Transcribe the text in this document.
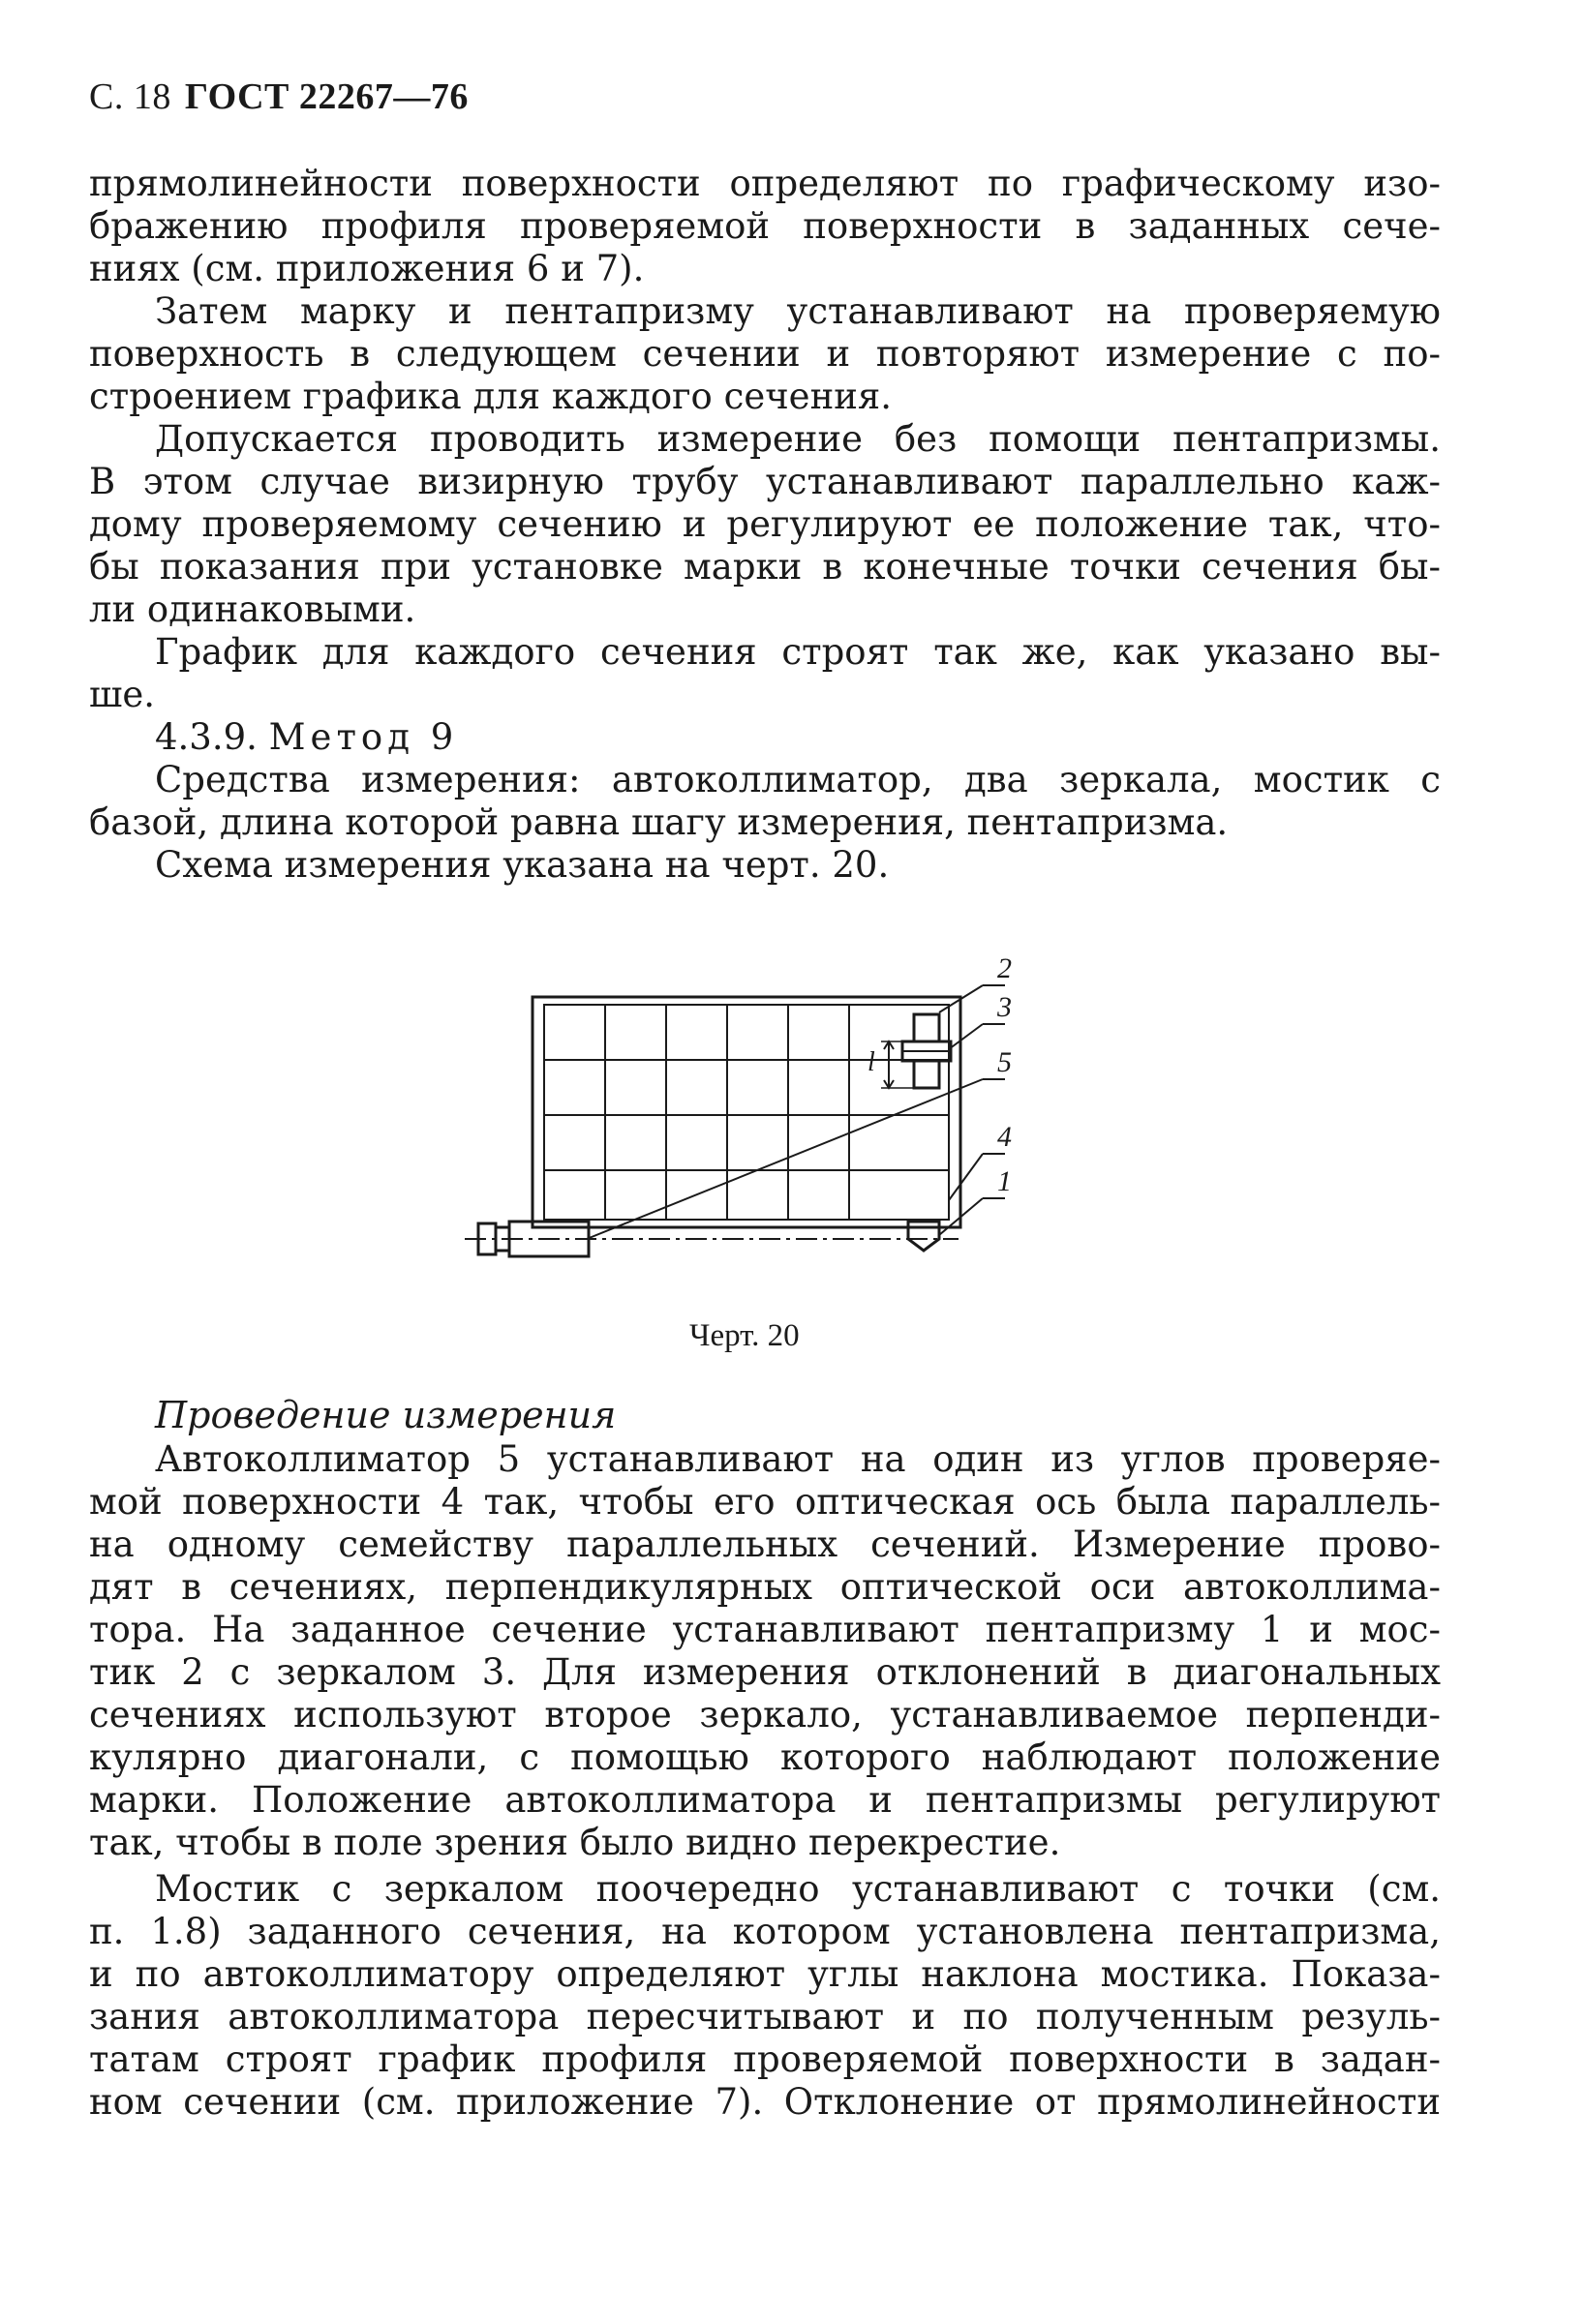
С. 18 ГОСТ 22267—76
прямолинейности поверхности определяют по графическому изо-
бражению профиля проверяемой поверхности в заданных сече-
ниях (см. приложения 6 и 7).
Затем марку и пентапризму устанавливают на проверяемую
поверхность в следующем сечении и повторяют измерение с по-
строением графика для каждого сечения.
Допускается проводить измерение без помощи пентапризмы.
В этом случае визирную трубу устанавливают параллельно каж-
дому проверяемому сечению и регулируют ее положение так, что-
бы показания при установке марки в конечные точки сечения бы-
ли одинаковыми.
График для каждого сечения строят так же, как указано вы-
ше.
4.3.9. Метод 9
Средства измерения: автоколлиматор, два зеркала, мостик с
базой, длина которой равна шагу измерения, пентапризма.
Схема измерения указана на черт. 20.
2
3
5
4
1
l
Черт. 20
Проведение измерения
Автоколлиматор 5 устанавливают на один из углов проверяе-
мой поверхности 4 так, чтобы его оптическая ось была параллель-
на одному семейству параллельных сечений. Измерение прово-
дят в сечениях, перпендикулярных оптической оси автоколлима-
тора. На заданное сечение устанавливают пентапризму 1 и мос-
тик 2 с зеркалом 3. Для измерения отклонений в диагональных
сечениях используют второе зеркало, устанавливаемое перпенди-
кулярно диагонали, с помощью которого наблюдают положение
марки. Положение автоколлиматора и пентапризмы регулируют
так, чтобы в поле зрения было видно перекрестие.
Мостик с зеркалом поочередно устанавливают с точки (см.
п. 1.8) заданного сечения, на котором установлена пентапризма,
и по автоколлиматору определяют углы наклона мостика. Показа-
зания автоколлиматора пересчитывают и по полученным резуль-
татам строят график профиля проверяемой поверхности в задан-
ном сечении (см. приложение 7). Отклонение от прямолинейности
